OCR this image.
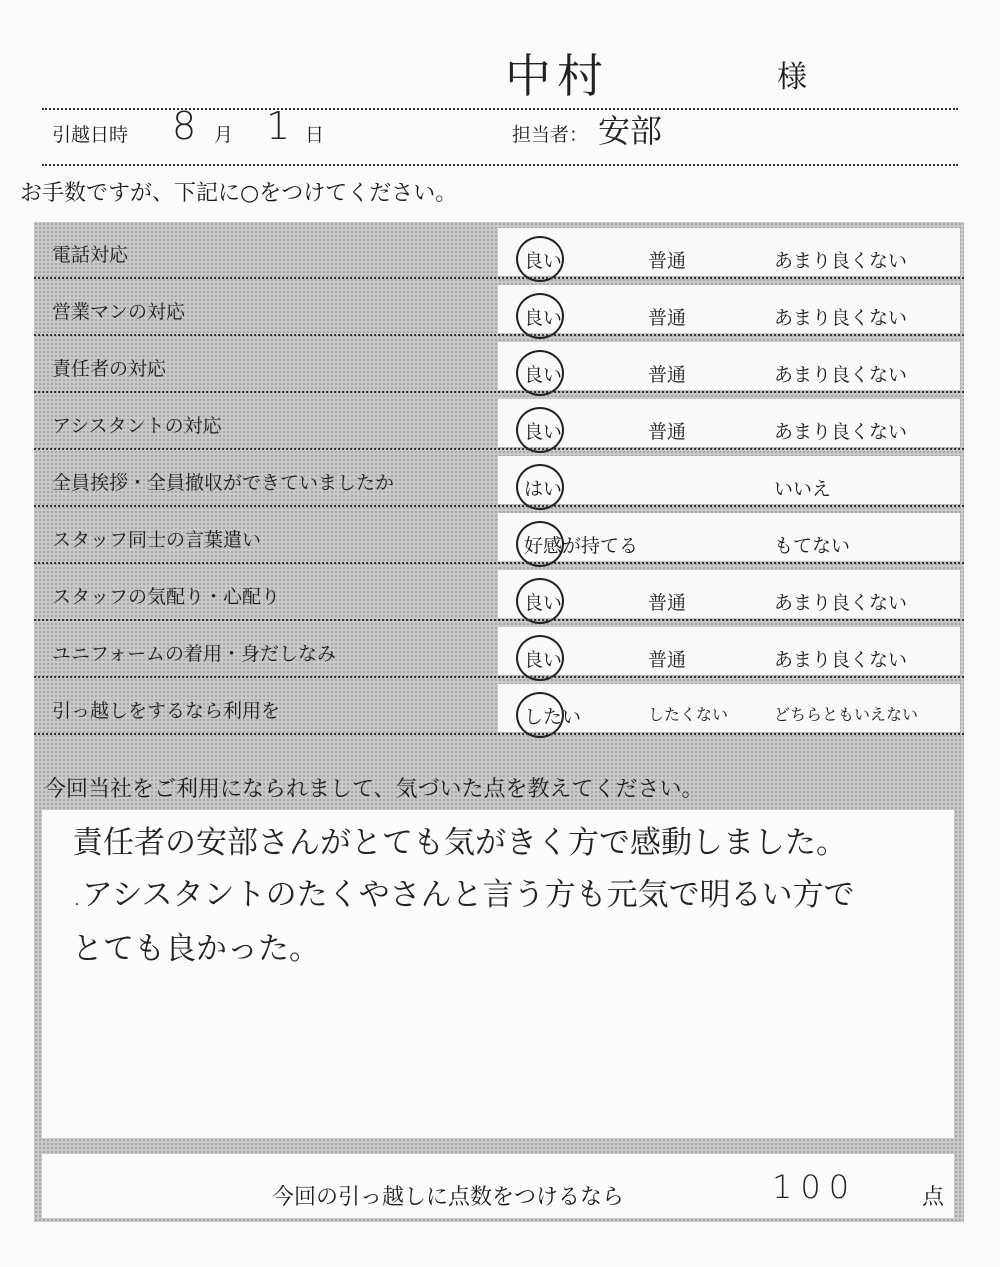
中村	様
引越日時 8 月 1 日	担当者： 安部
お手数ですが、下記に○をつけてください。
電話対応	良い	普通	あまり良くない
営業マンの対応	良い	普通	あまり良くない
責任者の対応	良い	普通	あまり良くない
アシスタントの対応	良い	普通	あまり良くない
全員挨拶・全員撤収ができていましたか	はい	いいえ
スタッフ同士の言葉遣い	好感が持てる	もてない
スタッフの気配り・心配り	良い	普通	あまり良くない
ユニフォームの着用・身だしなみ	良い	普通	あまり良くない
引っ越しをするなら利用を	したい	したくない	どちらともいえない
今回当社をご利用になられまして、気づいた点を教えてください。
責任者の安部さんがとても気がきく方で感動しました。
.アシスタントのたくやさんと言う方も元気で明るい方で
とても良かった。
今回の引っ越しに点数をつけるなら	100	点
